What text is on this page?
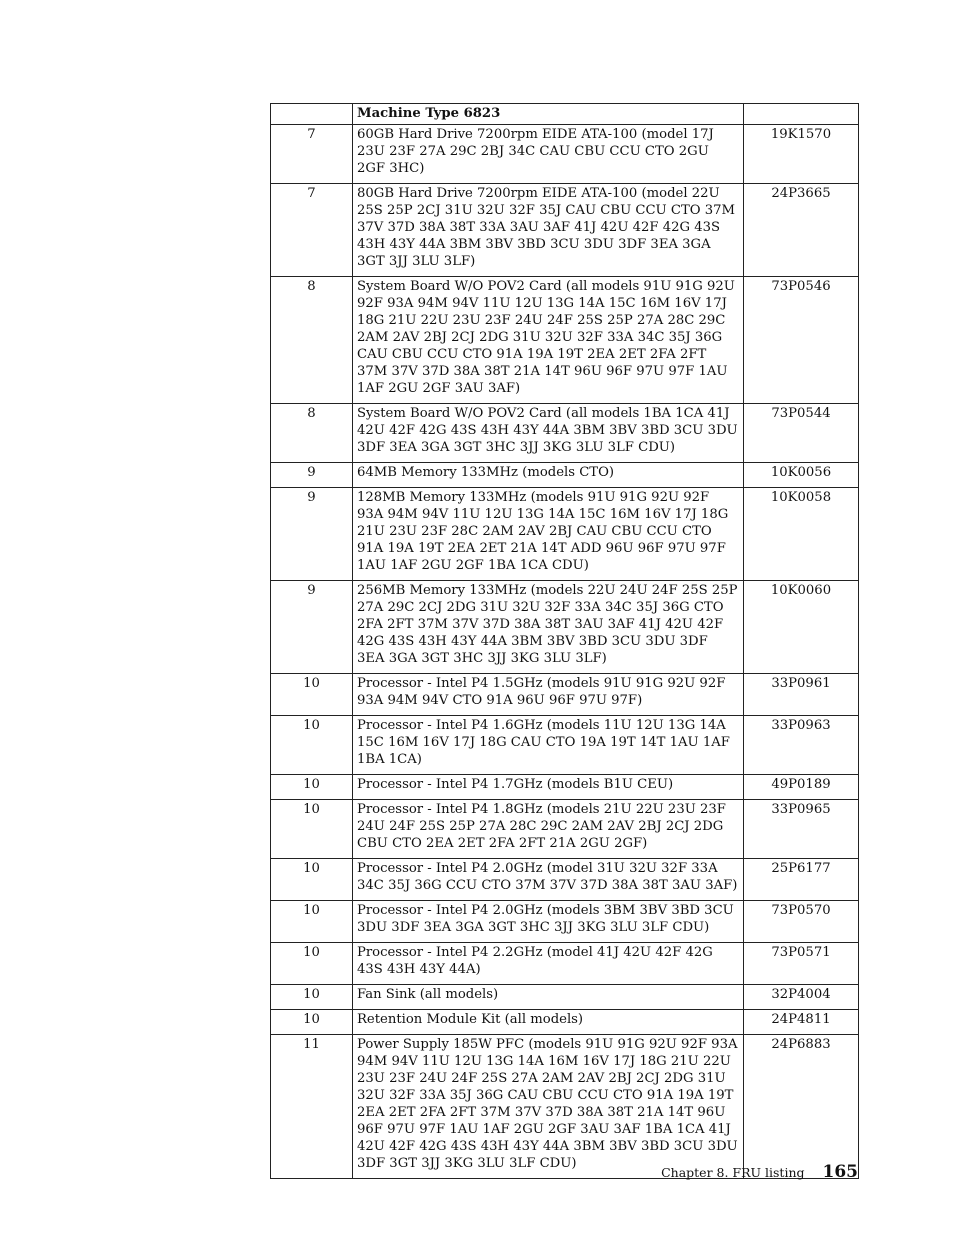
	Machine Type 6823	
7	60GB Hard Drive 7200rpm EIDE ATA-100 (model 17J 23U 23F 27A 29C 2BJ 34C CAU CBU CCU CTO 2GU 2GF 3HC)	19K1570
7	80GB Hard Drive 7200rpm EIDE ATA-100 (model 22U 25S 25P 2CJ 31U 32U 32F 35J CAU CBU CCU CTO 37M 37V 37D 38A 38T 33A 3AU 3AF 41J 42U 42F 42G 43S 43H 43Y 44A 3BM 3BV 3BD 3CU 3DU 3DF 3EA 3GA 3GT 3JJ 3LU 3LF)	24P3665
8	System Board W/O POV2 Card (all models 91U 91G 92U 92F 93A 94M 94V 11U 12U 13G 14A 15C 16M 16V 17J 18G 21U 22U 23U 23F 24U 24F 25S 25P 27A 28C 29C 2AM 2AV 2BJ 2CJ 2DG 31U 32U 32F 33A 34C 35J 36G CAU CBU CCU CTO 91A 19A 19T 2EA 2ET 2FA 2FT 37M 37V 37D 38A 38T 21A 14T 96U 96F 97U 97F 1AU 1AF 2GU 2GF 3AU 3AF)	73P0546
8	System Board W/O POV2 Card (all models 1BA 1CA 41J 42U 42F 42G 43S 43H 43Y 44A 3BM 3BV 3BD 3CU 3DU 3DF 3EA 3GA 3GT 3HC 3JJ 3KG 3LU 3LF CDU)	73P0544
9	64MB Memory 133MHz (models CTO)	10K0056
9	128MB Memory 133MHz (models 91U 91G 92U 92F 93A 94M 94V 11U 12U 13G 14A 15C 16M 16V 17J 18G 21U 23U 23F 28C 2AM 2AV 2BJ CAU CBU CCU CTO 91A 19A 19T 2EA 2ET 21A 14T ADD 96U 96F 97U 97F 1AU 1AF 2GU 2GF 1BA 1CA CDU)	10K0058
9	256MB Memory 133MHz (models 22U 24U 24F 25S 25P 27A 29C 2CJ 2DG 31U 32U 32F 33A 34C 35J 36G CTO 2FA 2FT 37M 37V 37D 38A 38T 3AU 3AF 41J 42U 42F 42G 43S 43H 43Y 44A 3BM 3BV 3BD 3CU 3DU 3DF 3EA 3GA 3GT 3HC 3JJ 3KG 3LU 3LF)	10K0060
10	Processor - Intel P4 1.5GHz (models 91U 91G 92U 92F 93A 94M 94V CTO 91A 96U 96F 97U 97F)	33P0961
10	Processor - Intel P4 1.6GHz (models 11U 12U 13G 14A 15C 16M 16V 17J 18G CAU CTO 19A 19T 14T 1AU 1AF 1BA 1CA)	33P0963
10	Processor - Intel P4 1.7GHz (models B1U CEU)	49P0189
10	Processor - Intel P4 1.8GHz (models 21U 22U 23U 23F 24U 24F 25S 25P 27A 28C 29C 2AM 2AV 2BJ 2CJ 2DG CBU CTO 2EA 2ET 2FA 2FT 21A 2GU 2GF)	33P0965
10	Processor - Intel P4 2.0GHz (model 31U 32U 32F 33A 34C 35J 36G CCU CTO 37M 37V 37D 38A 38T 3AU 3AF)	25P6177
10	Processor - Intel P4 2.0GHz (models 3BM 3BV 3BD 3CU 3DU 3DF 3EA 3GA 3GT 3HC 3JJ 3KG 3LU 3LF CDU)	73P0570
10	Processor - Intel P4 2.2GHz (model 41J 42U 42F 42G 43S 43H 43Y 44A)	73P0571
10	Fan Sink (all models)	32P4004
10	Retention Module Kit (all models)	24P4811
11	Power Supply 185W PFC (models 91U 91G 92U 92F 93A 94M 94V 11U 12U 13G 14A 16M 16V 17J 18G 21U 22U 23U 23F 24U 24F 25S 27A 2AM 2AV 2BJ 2CJ 2DG 31U 32U 32F 33A 35J 36G CAU CBU CCU CTO 91A 19A 19T 2EA 2ET 2FA 2FT 37M 37V 37D 38A 38T 21A 14T 96U 96F 97U 97F 1AU 1AF 2GU 2GF 3AU 3AF 1BA 1CA 41J 42U 42F 42G 43S 43H 43Y 44A 3BM 3BV 3BD 3CU 3DU 3DF 3GT 3JJ 3KG 3LU 3LF CDU)	24P6883
Chapter 8. FRU listing 165
